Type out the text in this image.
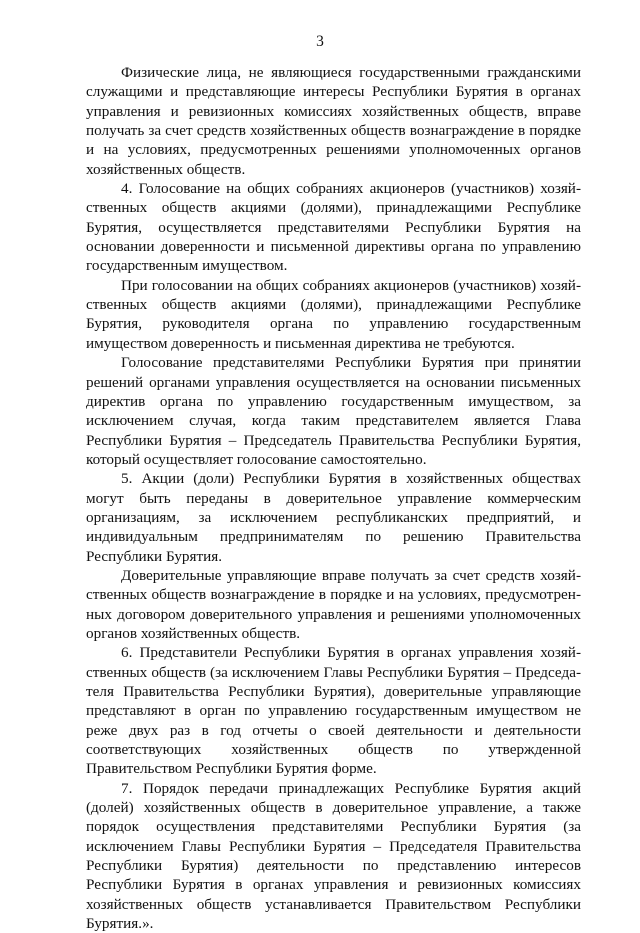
3

Физические лица, не являющиеся государственными гражданскими служащими и представляющие интересы Республики Бурятия в органах управления и ревизионных комиссиях хозяйственных обществ, вправе получать за счет средств хозяйственных обществ вознаграждение в порядке и на условиях, предусмотренных решениями уполномоченных органов хозяйственных обществ.

4. Голосование на общих собраниях акционеров (участников) хозяйственных обществ акциями (долями), принадлежащими Республике Бурятия, осуществляется представителями Республики Бурятия на основании доверенности и письменной директивы органа по управлению государственным имуществом.

При голосовании на общих собраниях акционеров (участников) хозяйственных обществ акциями (долями), принадлежащими Республике Бурятия, руководителя органа по управлению государственным имуществом доверенность и письменная директива не требуются.

Голосование представителями Республики Бурятия при принятии решений органами управления осуществляется на основании письменных директив органа по управлению государственным имуществом, за исключением случая, когда таким представителем является Глава Республики Бурятия – Председатель Правительства Республики Бурятия, который осуществляет голосование самостоятельно.

5. Акции (доли) Республики Бурятия в хозяйственных обществах могут быть переданы в доверительное управление коммерческим организациям, за исключением республиканских предприятий, и индивидуальным предпринимателям по решению Правительства Республики Бурятия.

Доверительные управляющие вправе получать за счет средств хозяйственных обществ вознаграждение в порядке и на условиях, предусмотренных договором доверительного управления и решениями уполномоченных органов хозяйственных обществ.

6. Представители Республики Бурятия в органах управления хозяйственных обществ (за исключением Главы Республики Бурятия – Председателя Правительства Республики Бурятия), доверительные управляющие представляют в орган по управлению государственным имуществом не реже двух раз в год отчеты о своей деятельности и деятельности соответствующих хозяйственных обществ по утвержденной Правительством Республики Бурятия форме.

7. Порядок передачи принадлежащих Республике Бурятия акций (долей) хозяйственных обществ в доверительное управление, а также порядок осуществления представителями Республики Бурятия (за исключением Главы Республики Бурятия – Председателя Правительства Республики Бурятия) деятельности по представлению интересов Республики Бурятия в органах управления и ревизионных комиссиях хозяйственных обществ устанавливается Правительством Республики Бурятия.».
